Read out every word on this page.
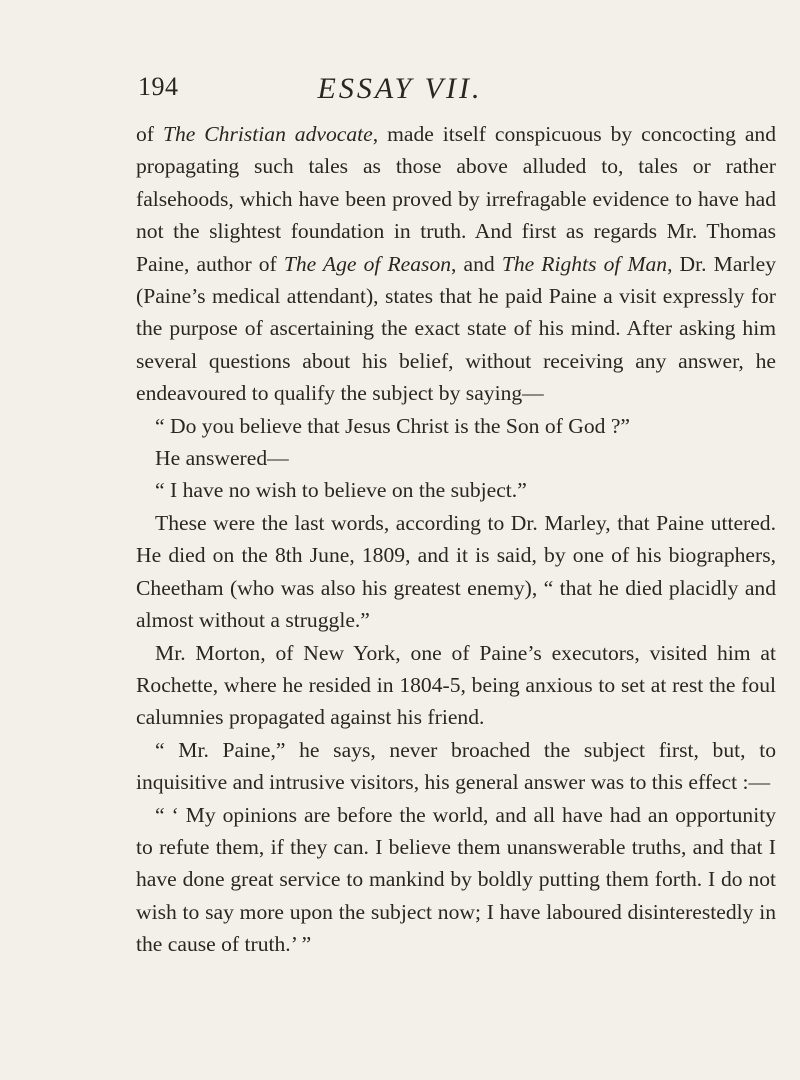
194	ESSAY VII.

of The Christian advocate, made itself conspicuous by concocting and propagating such tales as those above alluded to, tales or rather falsehoods, which have been proved by irrefragable evidence to have had not the slightest foundation in truth. And first as regards Mr. Thomas Paine, author of The Age of Reason, and The Rights of Man, Dr. Marley (Paine’s medical attendant), states that he paid Paine a visit expressly for the purpose of ascertaining the exact state of his mind. After asking him several questions about his belief, without receiving any answer, he endeavoured to qualify the subject by saying—

“ Do you believe that Jesus Christ is the Son of God ?”

He answered—

“ I have no wish to believe on the subject.”

These were the last words, according to Dr. Marley, that Paine uttered. He died on the 8th June, 1809, and it is said, by one of his biographers, Cheetham (who was also his greatest enemy), “ that he died placidly and almost without a struggle.”

Mr. Morton, of New York, one of Paine’s executors, visited him at Rochette, where he resided in 1804-5, being anxious to set at rest the foul calumnies propagated against his friend.

“ Mr. Paine,” he says, never broached the subject first, but, to inquisitive and intrusive visitors, his general answer was to this effect :—

“ ‘ My opinions are before the world, and all have had an opportunity to refute them, if they can. I believe them unanswerable truths, and that I have done great service to mankind by boldly putting them forth. I do not wish to say more upon the subject now; I have laboured disinterestedly in the cause of truth.’ ”
